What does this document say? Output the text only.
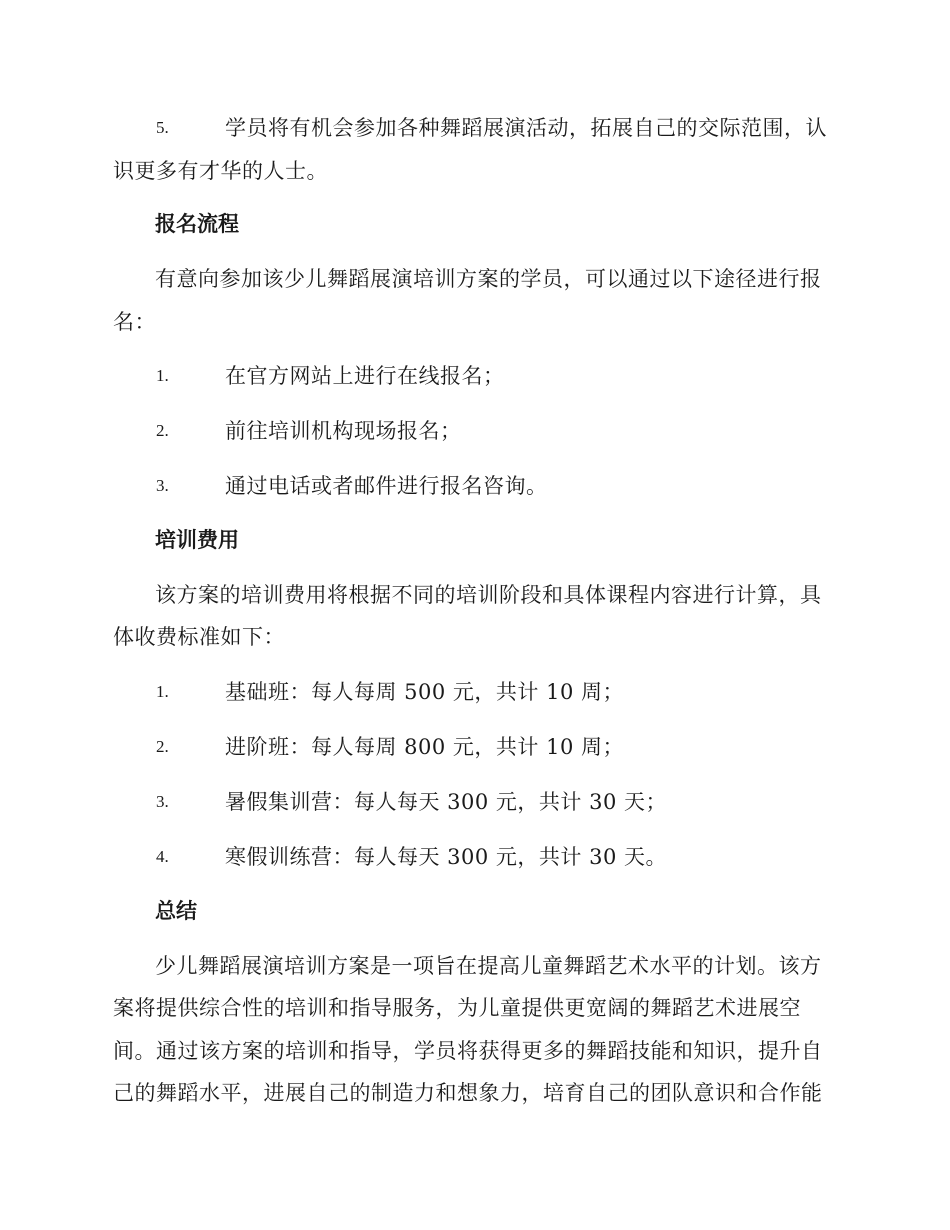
5.	学员将有机会参加各种舞蹈展演活动，拓展自己的交际范围，认
识更多有才华的人士。
报名流程
有意向参加该少儿舞蹈展演培训方案的学员，可以通过以下途径进行报
名：
1.	在官方网站上进行在线报名；
2.	前往培训机构现场报名；
3.	通过电话或者邮件进行报名咨询。
培训费用
该方案的培训费用将根据不同的培训阶段和具体课程内容进行计算，具
体收费标准如下：
1.	基础班：每人每周 500 元，共计 10 周；
2.	进阶班：每人每周 800 元，共计 10 周；
3.	暑假集训营：每人每天 300 元，共计 30 天；
4.	寒假训练营：每人每天 300 元，共计 30 天。
总结
少儿舞蹈展演培训方案是一项旨在提高儿童舞蹈艺术水平的计划。该方
案将提供综合性的培训和指导服务，为儿童提供更宽阔的舞蹈艺术进展空
间。通过该方案的培训和指导，学员将获得更多的舞蹈技能和知识，提升自
己的舞蹈水平，进展自己的制造力和想象力，培育自己的团队意识和合作能
